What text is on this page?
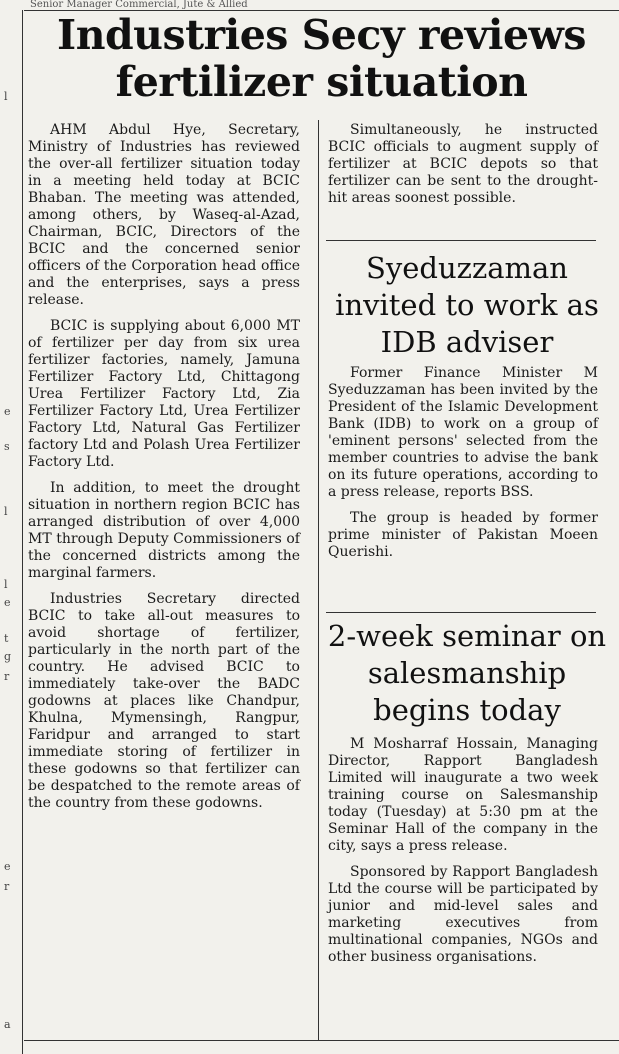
Senior Manager Commercial, Jute & Allied
l
e
s
l
l
e
t
g
r
e
r
a
Industries Secy reviews fertilizer situation

AHM Abdul Hye, Secretary, Ministry of Industries has reviewed the over-all fertilizer situation today in a meeting held today at BCIC Bhaban. The meeting was attended, among others, by Waseq-al-Azad, Chairman, BCIC, Directors of the BCIC and the concerned senior officers of the Corporation head office and the enterprises, says a press release.

BCIC is supplying about 6,000 MT of fertilizer per day from six urea fertilizer factories, namely, Jamuna Fertilizer Factory Ltd, Chittagong Urea Fertilizer Factory Ltd, Zia Fertilizer Factory Ltd, Urea Fertilizer Factory Ltd, Natural Gas Fertilizer factory Ltd and Polash Urea Fertilizer Factory Ltd.

In addition, to meet the drought situation in northern region BCIC has arranged distribution of over 4,000 MT through Deputy Commissioners of the concerned districts among the marginal farmers.

Industries Secretary directed BCIC to take all-out measures to avoid shortage of fertilizer, particularly in the north part of the country. He advised BCIC to immediately take-over the BADC godowns at places like Chandpur, Khulna, Mymensingh, Rangpur, Faridpur and arranged to start immediate storing of fertilizer in these godowns so that fertilizer can be despatched to the remote areas of the country from these godowns.

Simultaneously, he instructed BCIC officials to augment supply of fertilizer at BCIC depots so that fertilizer can be sent to the drought-hit areas soonest possible.

Syeduzzaman invited to work as IDB adviser

Former Finance Minister M Syeduzzaman has been invited by the President of the Islamic Development Bank (IDB) to work on a group of 'eminent persons' selected from the member countries to advise the bank on its future operations, according to a press release, reports BSS.

The group is headed by former prime minister of Pakistan Moeen Querishi.

2-week seminar on salesmanship begins today

M Mosharraf Hossain, Managing Director, Rapport Bangladesh Limited will inaugurate a two week training course on Salesmanship today (Tuesday) at 5:30 pm at the Seminar Hall of the company in the city, says a press release.

Sponsored by Rapport Bangladesh Ltd the course will be participated by junior and mid-level sales and marketing executives from multinational companies, NGOs and other business organisations.
